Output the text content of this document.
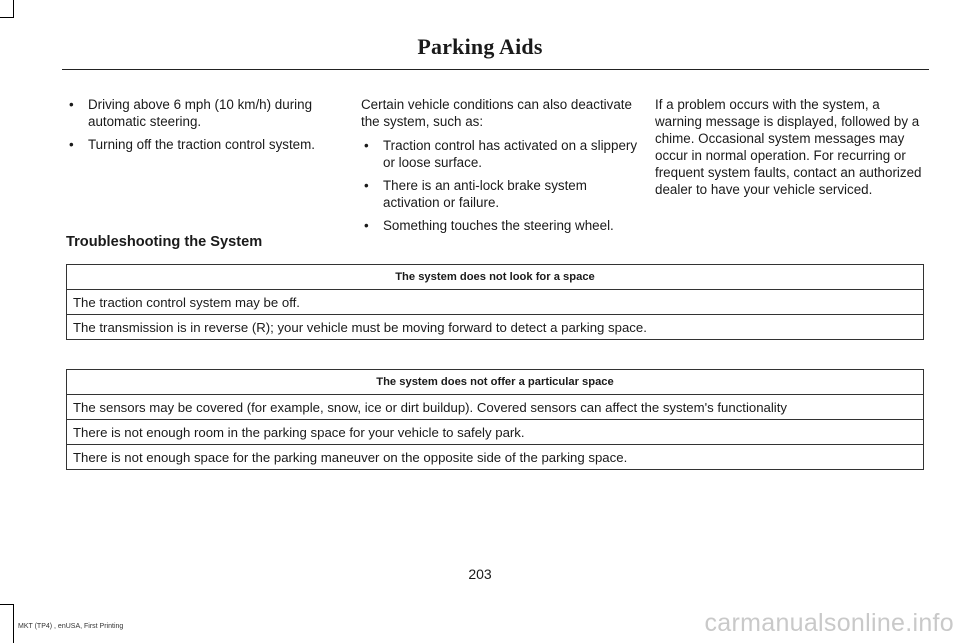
Parking Aids
• Driving above 6 mph (10 km/h) during automatic steering.
• Turning off the traction control system.

Certain vehicle conditions can also deactivate the system, such as:

• Traction control has activated on a slippery or loose surface.
• There is an anti-lock brake system activation or failure.
• Something touches the steering wheel.

If a problem occurs with the system, a warning message is displayed, followed by a chime. Occasional system messages may occur in normal operation. For recurring or frequent system faults, contact an authorized dealer to have your vehicle serviced.

Troubleshooting the System
The system does not look for a space
The traction control system may be off.
The transmission is in reverse (R); your vehicle must be moving forward to detect a parking space.
The system does not offer a particular space
The sensors may be covered (for example, snow, ice or dirt buildup). Covered sensors can affect the system's functionality
There is not enough room in the parking space for your vehicle to safely park.
There is not enough space for the parking maneuver on the opposite side of the parking space.
203
MKT (TP4) , enUSA, First Printing	carmanualsonline.info
